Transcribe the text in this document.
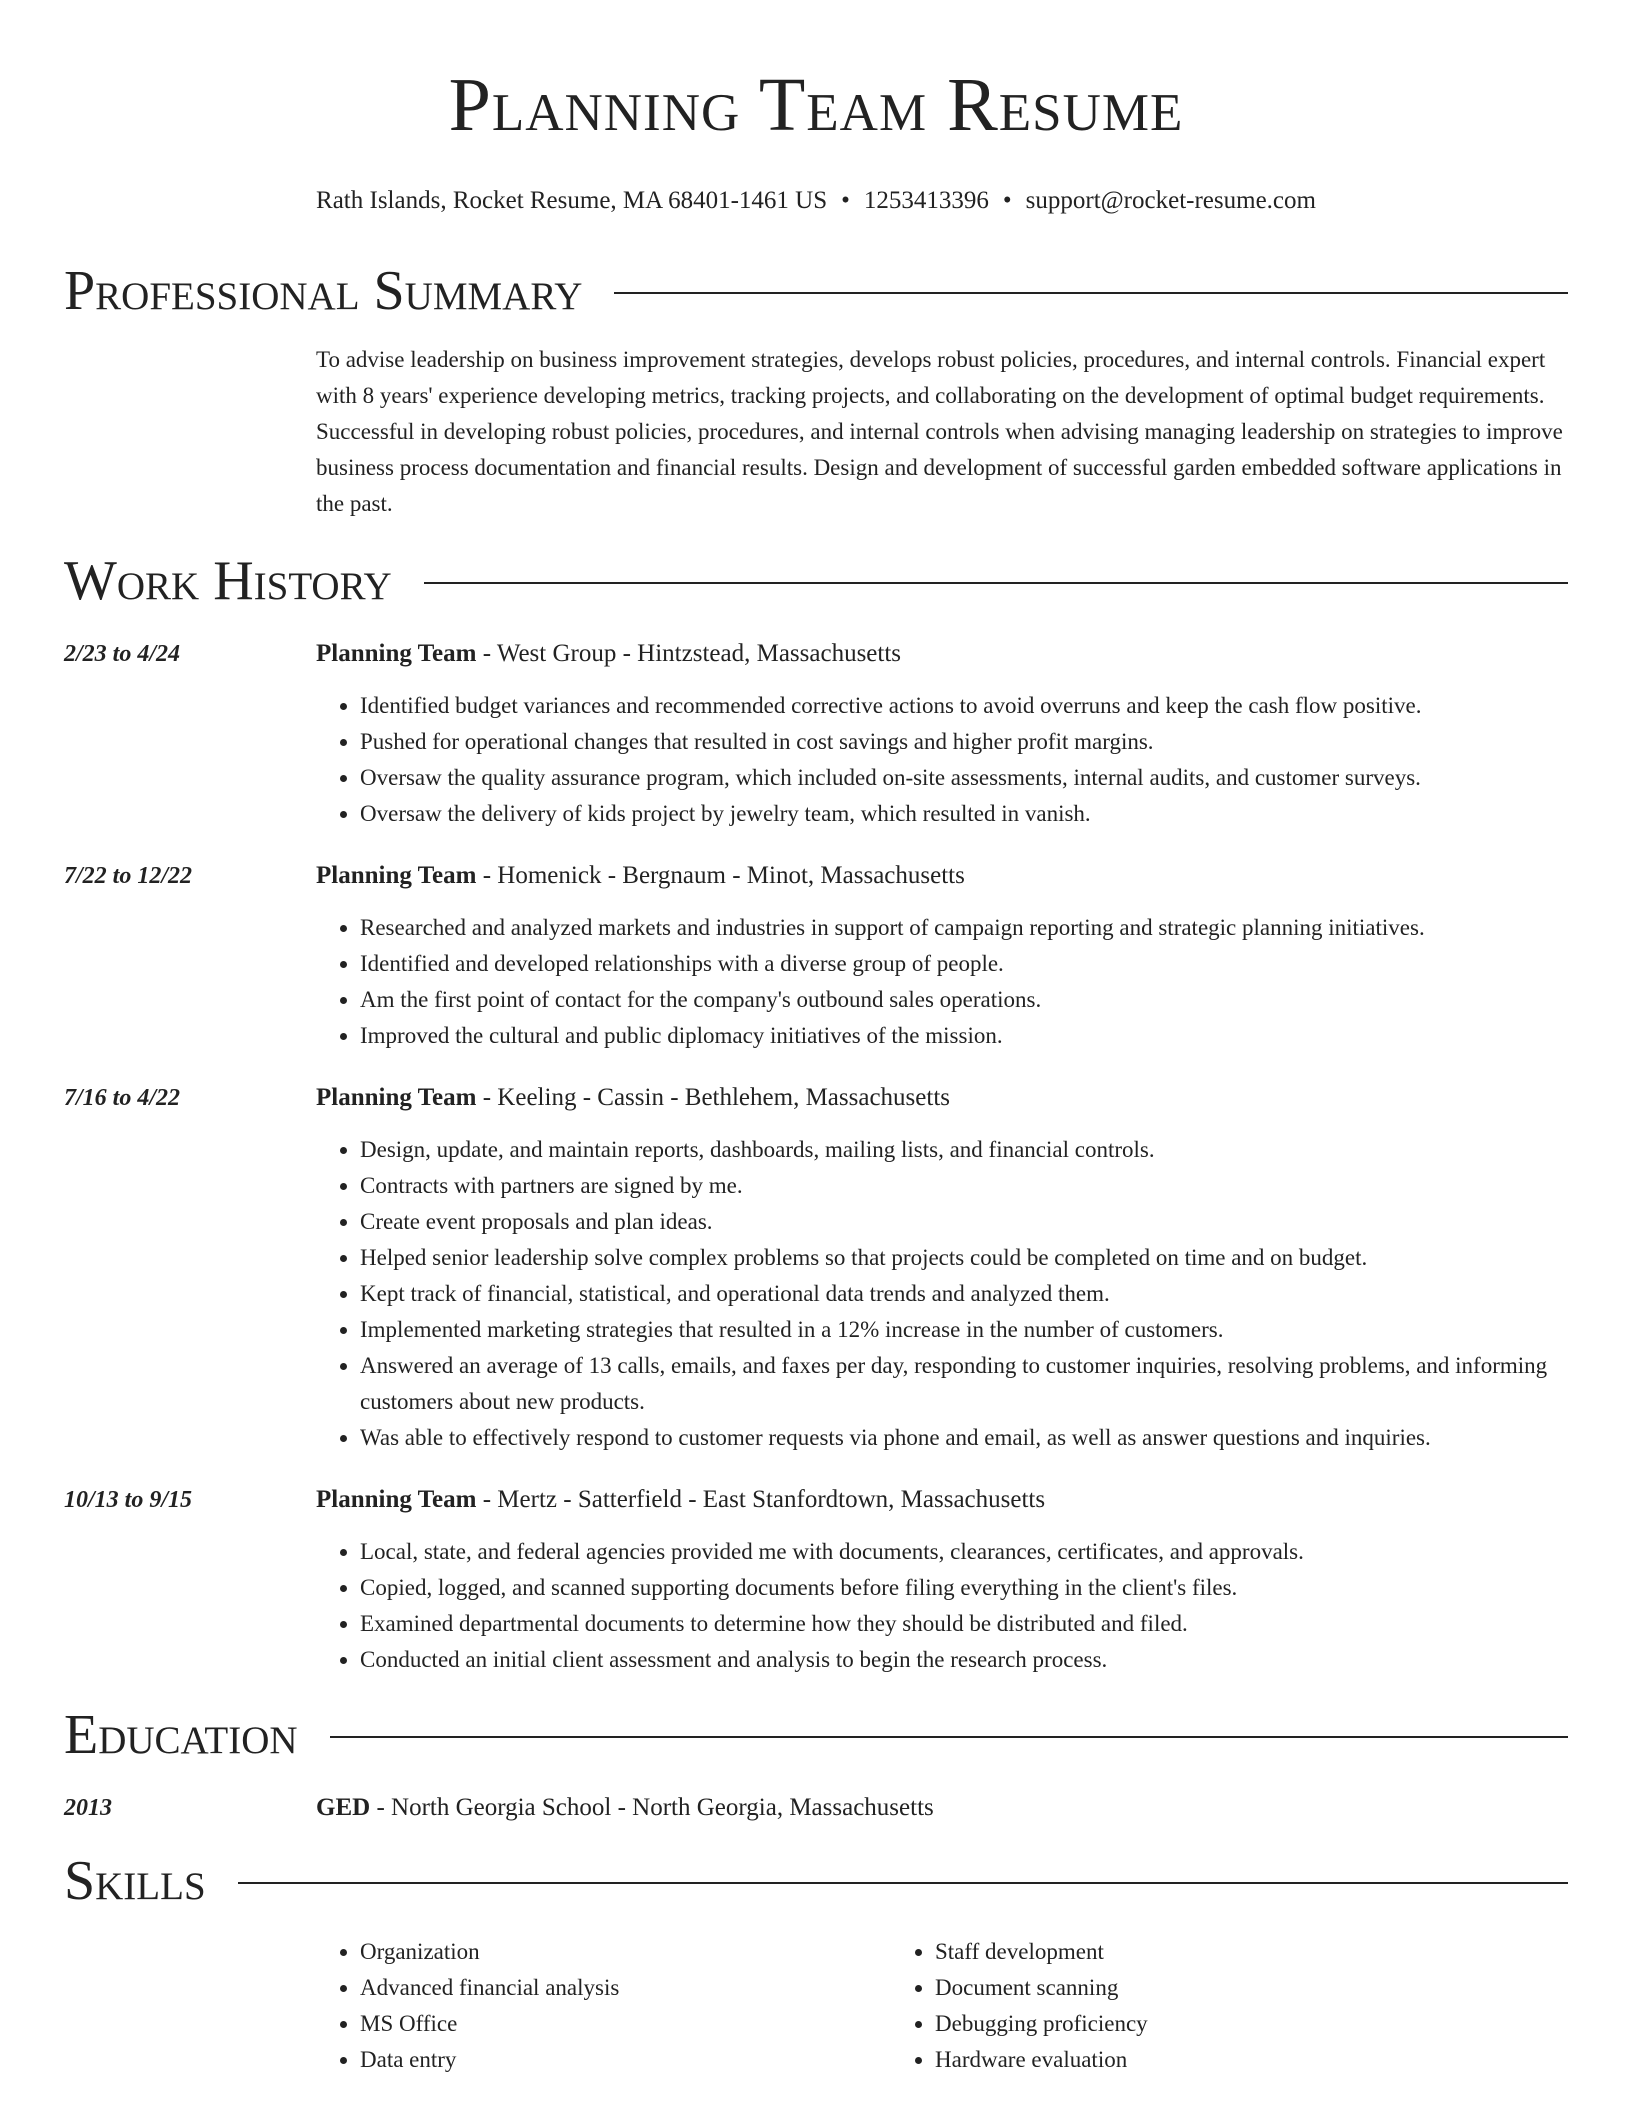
Planning Team Resume
Rath Islands, Rocket Resume, MA 68401-1461 US • 1253413396 • support@rocket-resume.com
Professional Summary
To advise leadership on business improvement strategies, develops robust policies, procedures, and internal controls. Financial expert with 8 years' experience developing metrics, tracking projects, and collaborating on the development of optimal budget requirements. Successful in developing robust policies, procedures, and internal controls when advising managing leadership on strategies to improve business process documentation and financial results. Design and development of successful garden embedded software applications in the past.
Work History
2/23 to 4/24	Planning Team - West Group - Hintzstead, Massachusetts
• Identified budget variances and recommended corrective actions to avoid overruns and keep the cash flow positive.
• Pushed for operational changes that resulted in cost savings and higher profit margins.
• Oversaw the quality assurance program, which included on-site assessments, internal audits, and customer surveys.
• Oversaw the delivery of kids project by jewelry team, which resulted in vanish.
7/22 to 12/22	Planning Team - Homenick - Bergnaum - Minot, Massachusetts
• Researched and analyzed markets and industries in support of campaign reporting and strategic planning initiatives.
• Identified and developed relationships with a diverse group of people.
• Am the first point of contact for the company's outbound sales operations.
• Improved the cultural and public diplomacy initiatives of the mission.
7/16 to 4/22	Planning Team - Keeling - Cassin - Bethlehem, Massachusetts
• Design, update, and maintain reports, dashboards, mailing lists, and financial controls.
• Contracts with partners are signed by me.
• Create event proposals and plan ideas.
• Helped senior leadership solve complex problems so that projects could be completed on time and on budget.
• Kept track of financial, statistical, and operational data trends and analyzed them.
• Implemented marketing strategies that resulted in a 12% increase in the number of customers.
• Answered an average of 13 calls, emails, and faxes per day, responding to customer inquiries, resolving problems, and informing customers about new products.
• Was able to effectively respond to customer requests via phone and email, as well as answer questions and inquiries.
10/13 to 9/15	Planning Team - Mertz - Satterfield - East Stanfordtown, Massachusetts
• Local, state, and federal agencies provided me with documents, clearances, certificates, and approvals.
• Copied, logged, and scanned supporting documents before filing everything in the client's files.
• Examined departmental documents to determine how they should be distributed and filed.
• Conducted an initial client assessment and analysis to begin the research process.
Education
2013	GED - North Georgia School - North Georgia, Massachusetts
Skills
• Organization
• Advanced financial analysis
• MS Office
• Data entry
• Staff development
• Document scanning
• Debugging proficiency
• Hardware evaluation
